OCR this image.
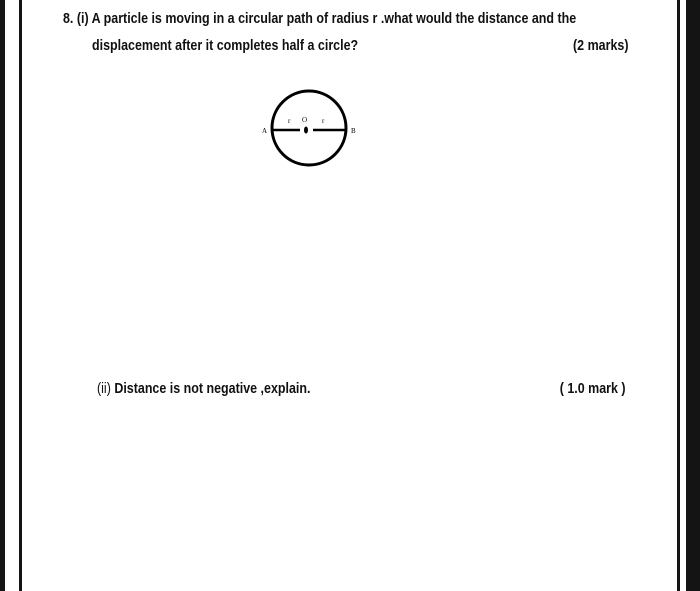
8. (i) A particle is moving in a circular path of radius r .what would the distance and the
displacement after it completes half a circle?	(2 marks)
A	B
O
r	r
(ii) Distance is not negative ,explain.	( 1.0 mark )
